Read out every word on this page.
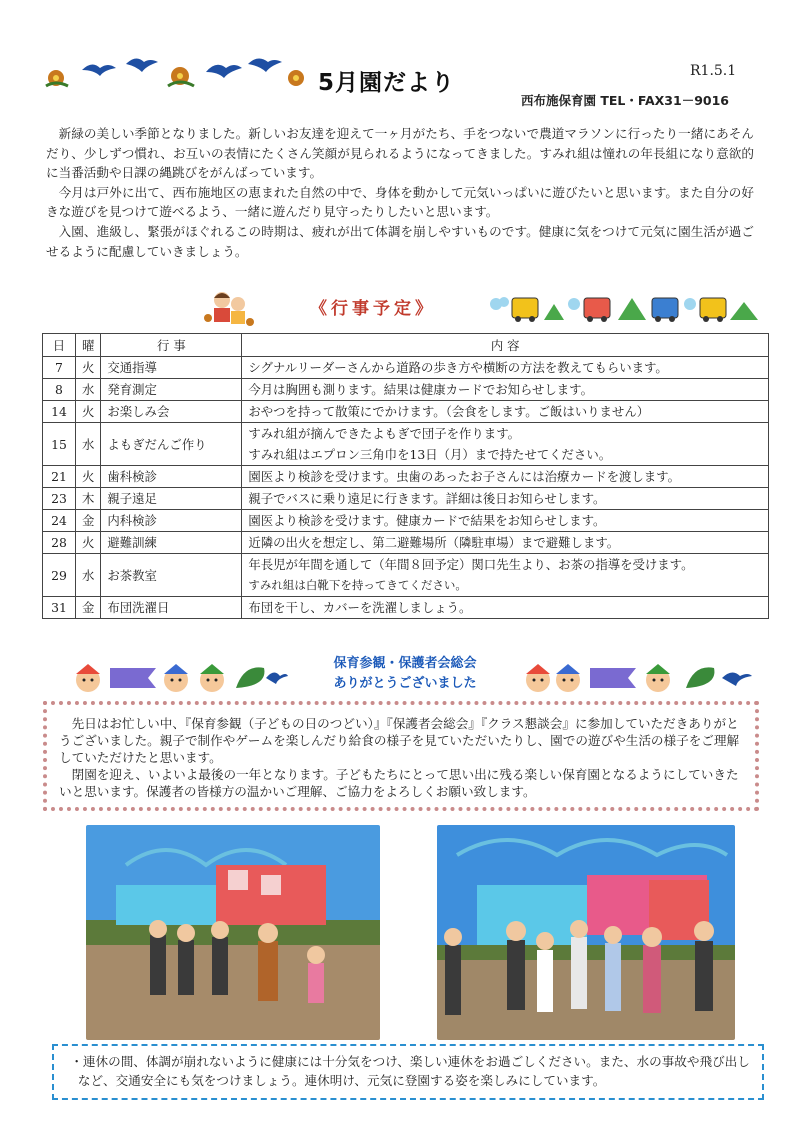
5月園だより	R1.5.1
西布施保育園 TEL・FAX31－9016

新緑の美しい季節となりました。新しいお友達を迎えて一ヶ月がたち、手をつないで農道マラソンに行ったり一緒にあそんだり、少しずつ慣れ、お互いの表情にたくさん笑顔が見られるようになってきました。すみれ組は憧れの年長組になり意欲的に当番活動や日課の縄跳びをがんばっています。

今月は戸外に出て、西布施地区の恵まれた自然の中で、身体を動かして元気いっぱいに遊びたいと思います。また自分の好きな遊びを見つけて遊べるよう、一緒に遊んだり見守ったりしたいと思います。

入園、進級し、緊張がほぐれるこの時期は、疲れが出て体調を崩しやすいものです。健康に気をつけて元気に園生活が過ごせるように配慮していきましょう。

《行事予定》
日	曜	行 事	内 容
7	火	交通指導	シグナルリーダーさんから道路の歩き方や横断の方法を教えてもらいます。
8	水	発育測定	今月は胸囲も測ります。結果は健康カードでお知らせします。
14	火	お楽しみ会	おやつを持って散策にでかけます。（会食をします。ご飯はいりません）
15	水	よもぎだんご作り	すみれ組が摘んできたよもぎで団子を作ります。
すみれ組はエプロン三角巾を13日（月）まで持たせてください。

21	火	歯科検診	園医より検診を受けます。虫歯のあったお子さんには治療カードを渡します。
23	木	親子遠足	親子でバスに乗り遠足に行きます。詳細は後日お知らせします。
24	金	内科検診	園医より検診を受けます。健康カードで結果をお知らせします。
28	火	避難訓練	近隣の出火を想定し、第二避難場所（隣駐車場）まで避難します。
29	水	お茶教室	年長児が年間を通して（年間８回予定）関口先生より、お茶の指導を受けます。
すみれ組は白靴下を持ってきてください。

31	金	布団洗濯日	布団を干し、カバーを洗濯しましょう。
保育参観・保護者会総会
ありがとうございました

先日はお忙しい中、『保育参観（子どもの日のつどい）』『保護者会総会』『クラス懇談会』に参加していただきありがとうございました。親子で制作やゲームを楽しんだり給食の様子を見ていただいたりし、園での遊びや生活の様子をご理解していただけたと思います。

閉園を迎え、いよいよ最後の一年となります。子どもたちにとって思い出に残る楽しい保育園となるようにしていきたいと思います。保護者の皆様方の温かいご理解、ご協力をよろしくお願い致します。

・連休の間、体調が崩れないように健康には十分気をつけ、楽しい連休をお過ごしください。また、水の事故や飛び出しなど、交通安全にも気をつけましょう。連休明け、元気に登園する姿を楽しみにしています。
